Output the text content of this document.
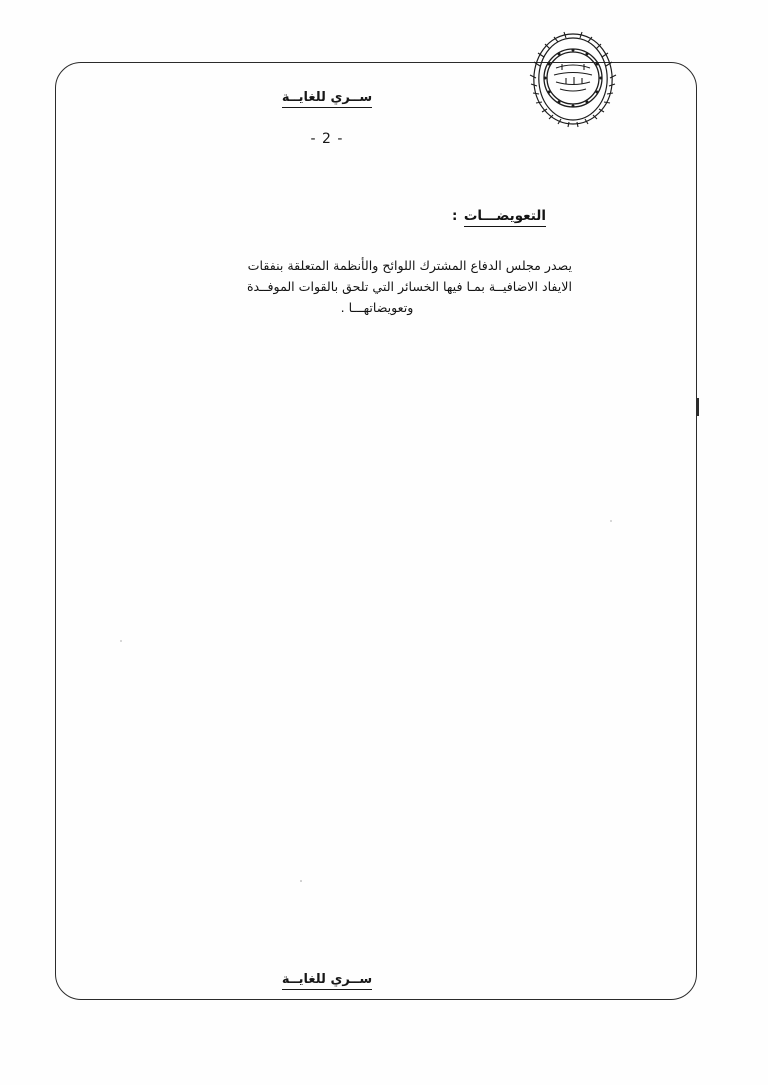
ســري للغايــة
- 2 -
التعويضـــات:
يصدر مجلس الدفاع المشترك اللوائح والأنظمة المتعلقة بنفقات
الايفاد الاضافيــة بمـا فيها الخسائر التي تلحق بالقوات الموفــدة
وتعويضاتهـــا .
ســري للغايــة
